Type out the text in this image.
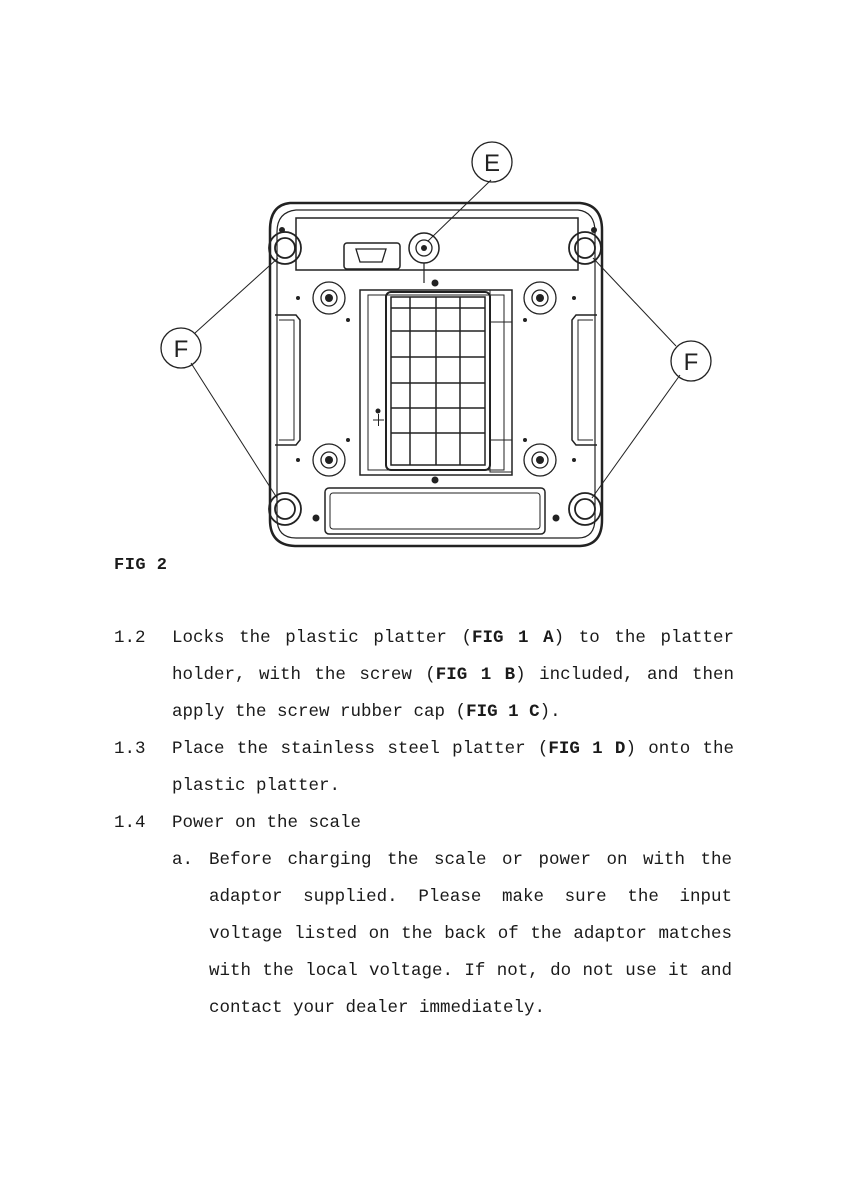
E
F	F
FIG 2
1.2 Locks the plastic platter (FIG 1 A) to the platter holder, with the screw (FIG 1 B) included, and then apply the screw rubber cap (FIG 1 C).
1.3 Place the stainless steel platter (FIG 1 D) onto the plastic platter.
1.4 Power on the scale
a. Before charging the scale or power on with the adaptor supplied. Please make sure the input voltage listed on the back of the adaptor matches with the local voltage. If not, do not use it and contact your dealer immediately.
